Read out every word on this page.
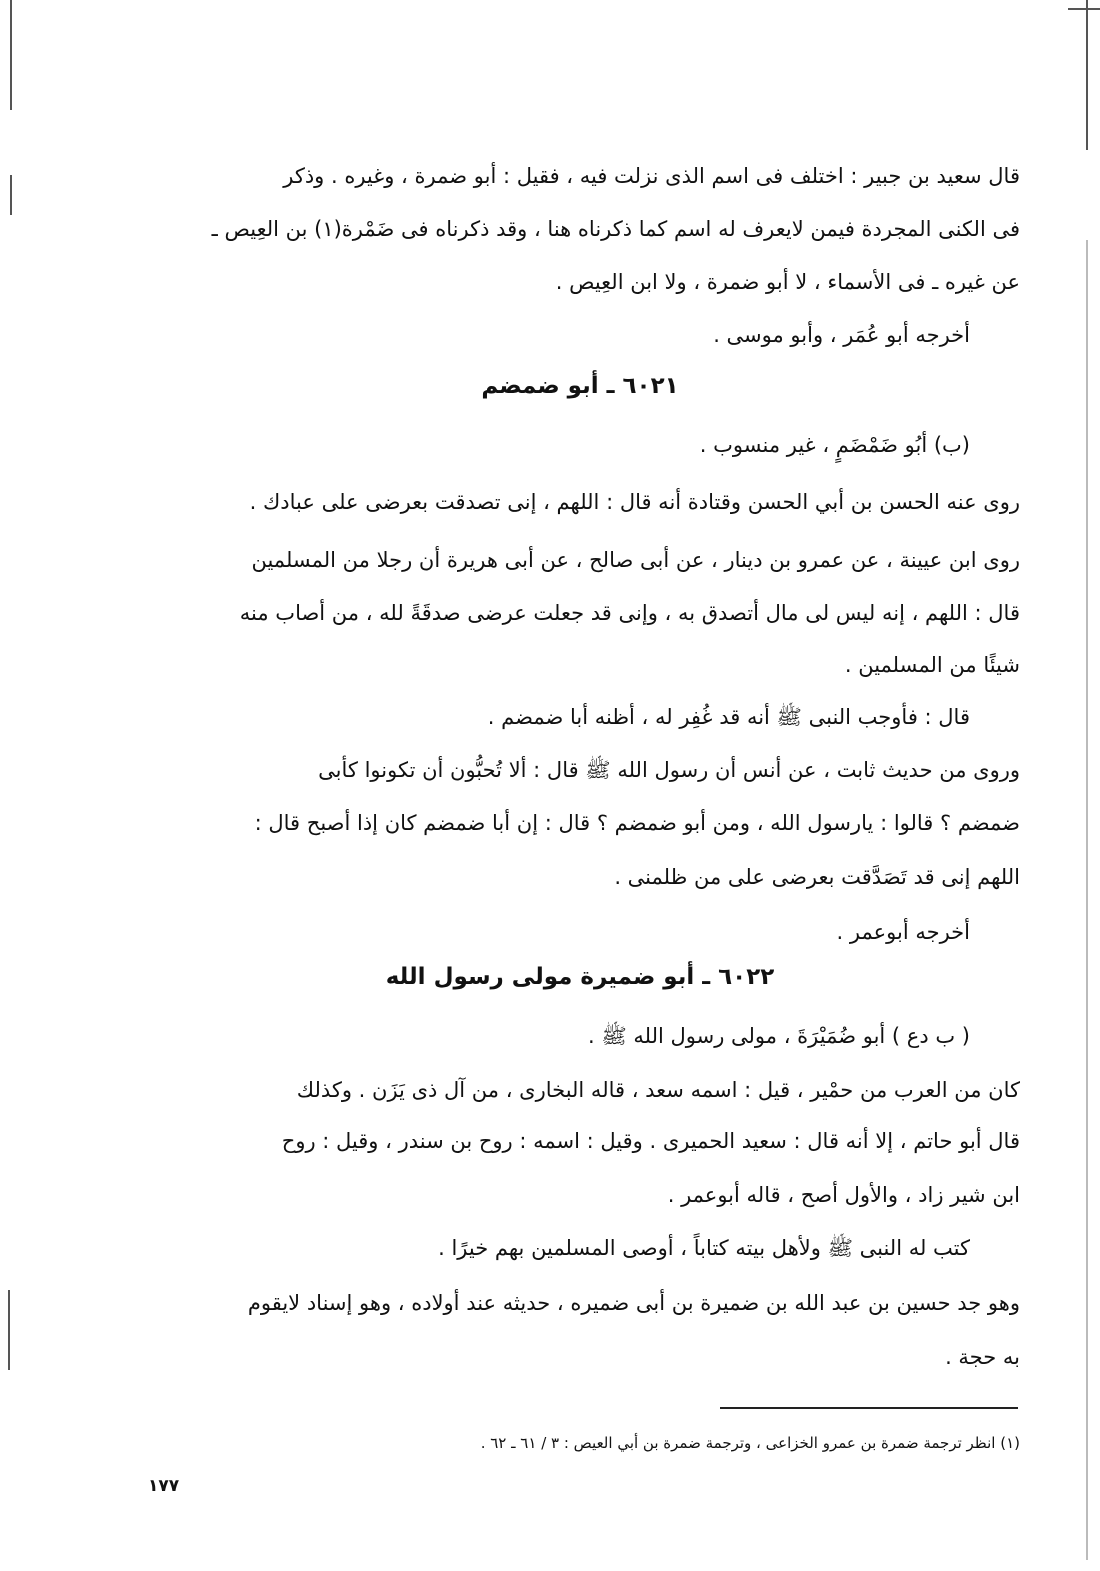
قال سعيد بن جبير : اختلف فى اسم الذى نزلت فيه ، فقيل : أبو ضمرة ، وغيره . وذكر
فى الكنى المجردة فيمن لايعرف له اسم كما ذكرناه هنا ، وقد ذكرناه فى ضَمْرة(١) بن العِيص ـ
عن غيره ـ فى الأسماء ، لا أبو ضمرة ، ولا ابن العِيص .
أخرجه أبو عُمَر ، وأبو موسى .
٦٠٢١ ـ أبو ضمضم
(ب) أبُو ضَمْضَمٍ ، غير منسوب .
روى عنه الحسن بن أبي الحسن وقتادة أنه قال : اللهم ، إنى تصدقت بعرضى على عبادك .
روى ابن عيينة ، عن عمرو بن دينار ، عن أبى صالح ، عن أبى هريرة أن رجلا من المسلمين
قال : اللهم ، إنه ليس لى مال أتصدق به ، وإنى قد جعلت عرضى صدقَةً لله ، من أصاب منه
شيئًا من المسلمين .
قال : فأوجب النبى ﷺ أنه قد غُفِر له ، أظنه أبا ضمضم .
وروى من حديث ثابت ، عن أنس أن رسول الله ﷺ قال : ألا تُحبُّون أن تكونوا كأبى
ضمضم ؟ قالوا : يارسول الله ، ومن أبو ضمضم ؟ قال : إن أبا ضمضم كان إذا أصبح قال :
اللهم إنى قد تَصَدَّقت بعرضى على من ظلمنى .
أخرجه أبوعمر .
٦٠٢٢ ـ أبو ضميرة مولى رسول الله
( ب دع ) أبو ضُمَيْرَةَ ، مولى رسول الله ﷺ .
كان من العرب من حمْير ، قيل : اسمه سعد ، قاله البخارى ، من آل ذى يَزَن . وكذلك
قال أبو حاتم ، إلا أنه قال : سعيد الحميرى . وقيل : اسمه : روح بن سندر ، وقيل : روح
ابن شير زاد ، والأول أصح ، قاله أبوعمر .
كتب له النبى ﷺ ولأهل بيته كتاباً ، أوصى المسلمين بهم خيرًا .
وهو جد حسين بن عبد الله بن ضميرة بن أبى ضميره ، حديثه عند أولاده ، وهو إسناد لايقوم
به حجة .
(١) انظر ترجمة ضمرة بن عمرو الخزاعى ، وترجمة ضمرة بن أبي العيص : ٣ / ٦١ ـ ٦٢ .
١٧٧
